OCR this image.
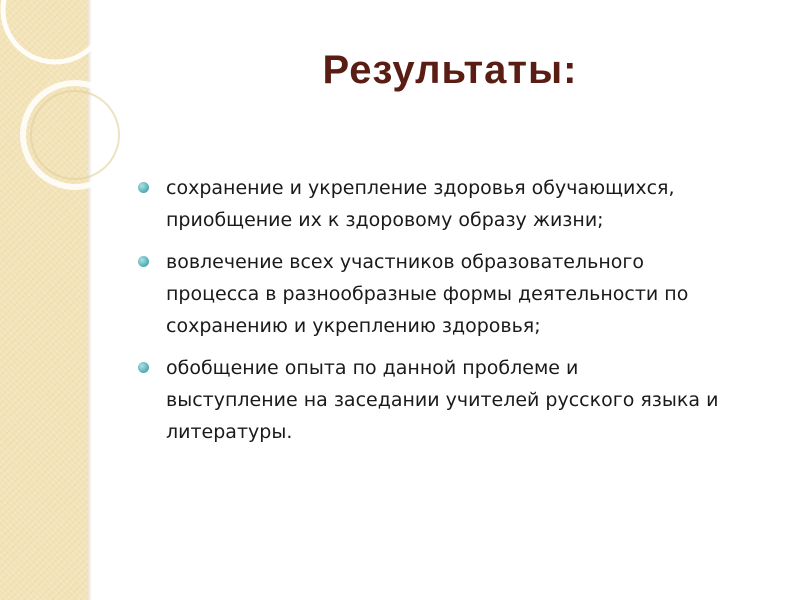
Результаты:
сохранение и укрепление здоровья обучающихся,
приобщение их к здоровому образу жизни;
вовлечение всех участников образовательного
процесса в разнообразные формы деятельности по
сохранению и укреплению здоровья;
обобщение опыта по данной проблеме и
выступление на заседании учителей русского языка и
литературы.
